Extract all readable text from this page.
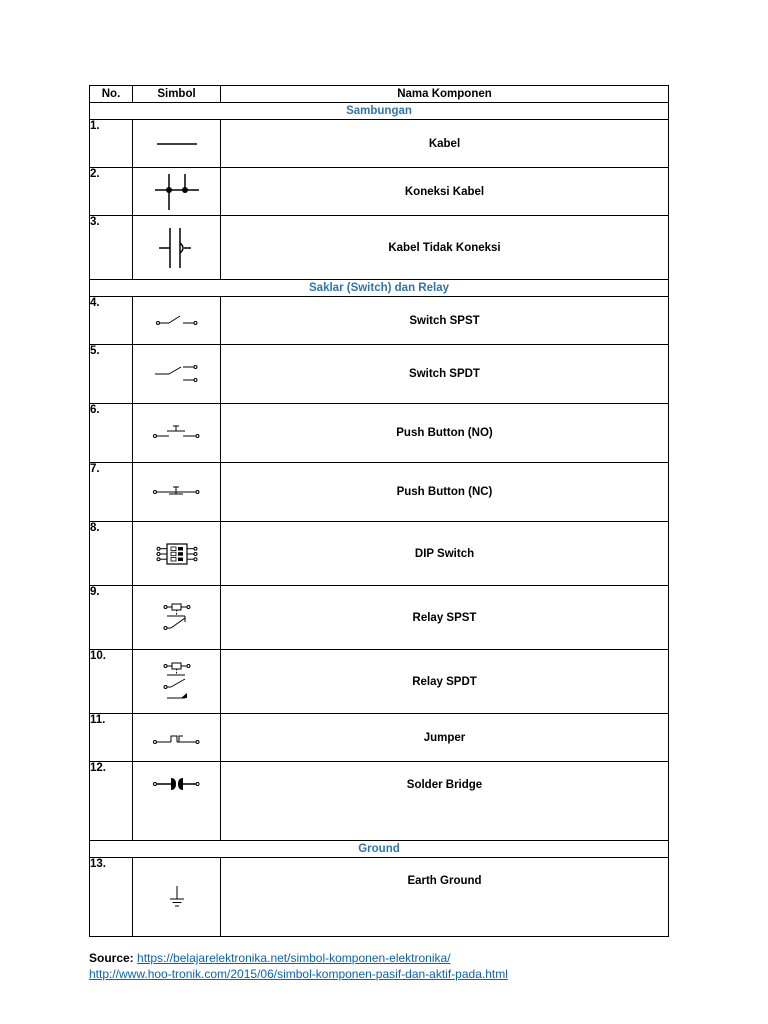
No.	Simbol	Nama Komponen
Sambungan		
1.		Kabel
2.		Koneksi Kabel
3.		Kabel Tidak Koneksi
Saklar (Switch) dan Relay		
4.		Switch SPST
5.		Switch SPDT
6.		Push Button (NO)
7.		Push Button (NC)
8.		DIP Switch
9.		Relay SPST
10.		Relay SPDT
11.		Jumper
12.		Solder Bridge
Ground		
13.		Earth Ground
Source: https://belajarelektronika.net/simbol-komponen-elektronika/
http://www.hoo-tronik.com/2015/06/simbol-komponen-pasif-dan-aktif-pada.html
